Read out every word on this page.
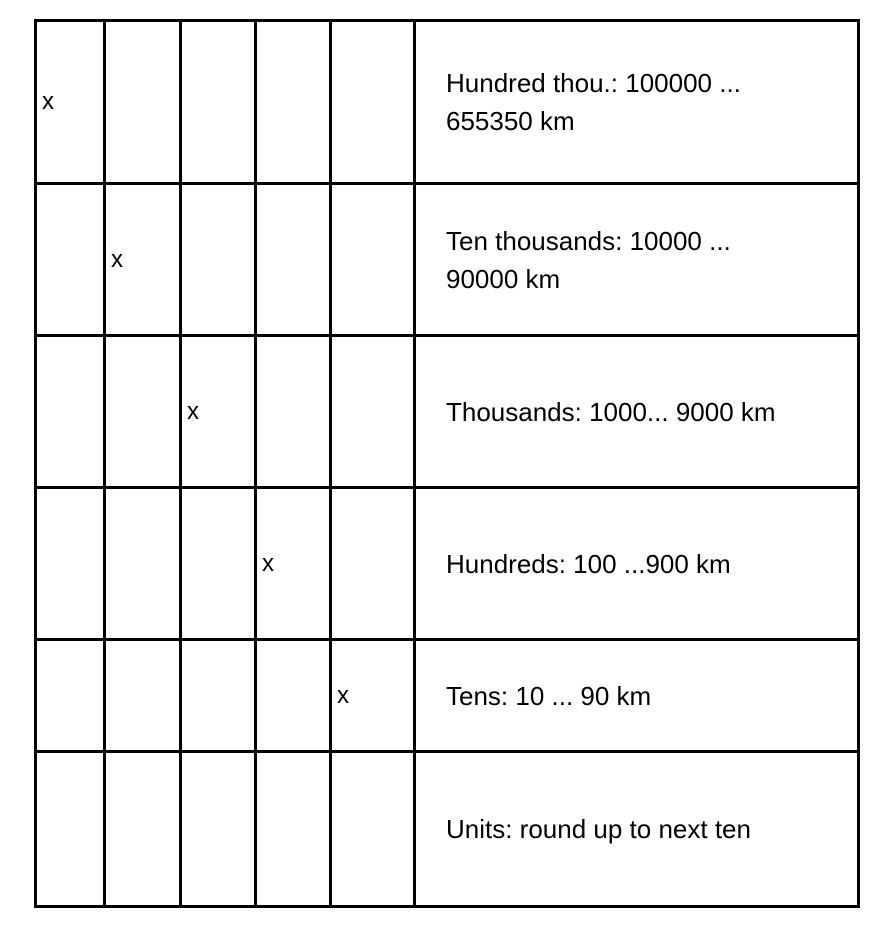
x					Hundred thou.: 100000 ... 655350 km
	x				Ten thousands: 10000 ... 90000 km
		x			Thousands: 1000... 9000 km
			x		Hundreds: 100 ...900 km
				x	Tens: 10 ... 90 km
					Units: round up to next ten
